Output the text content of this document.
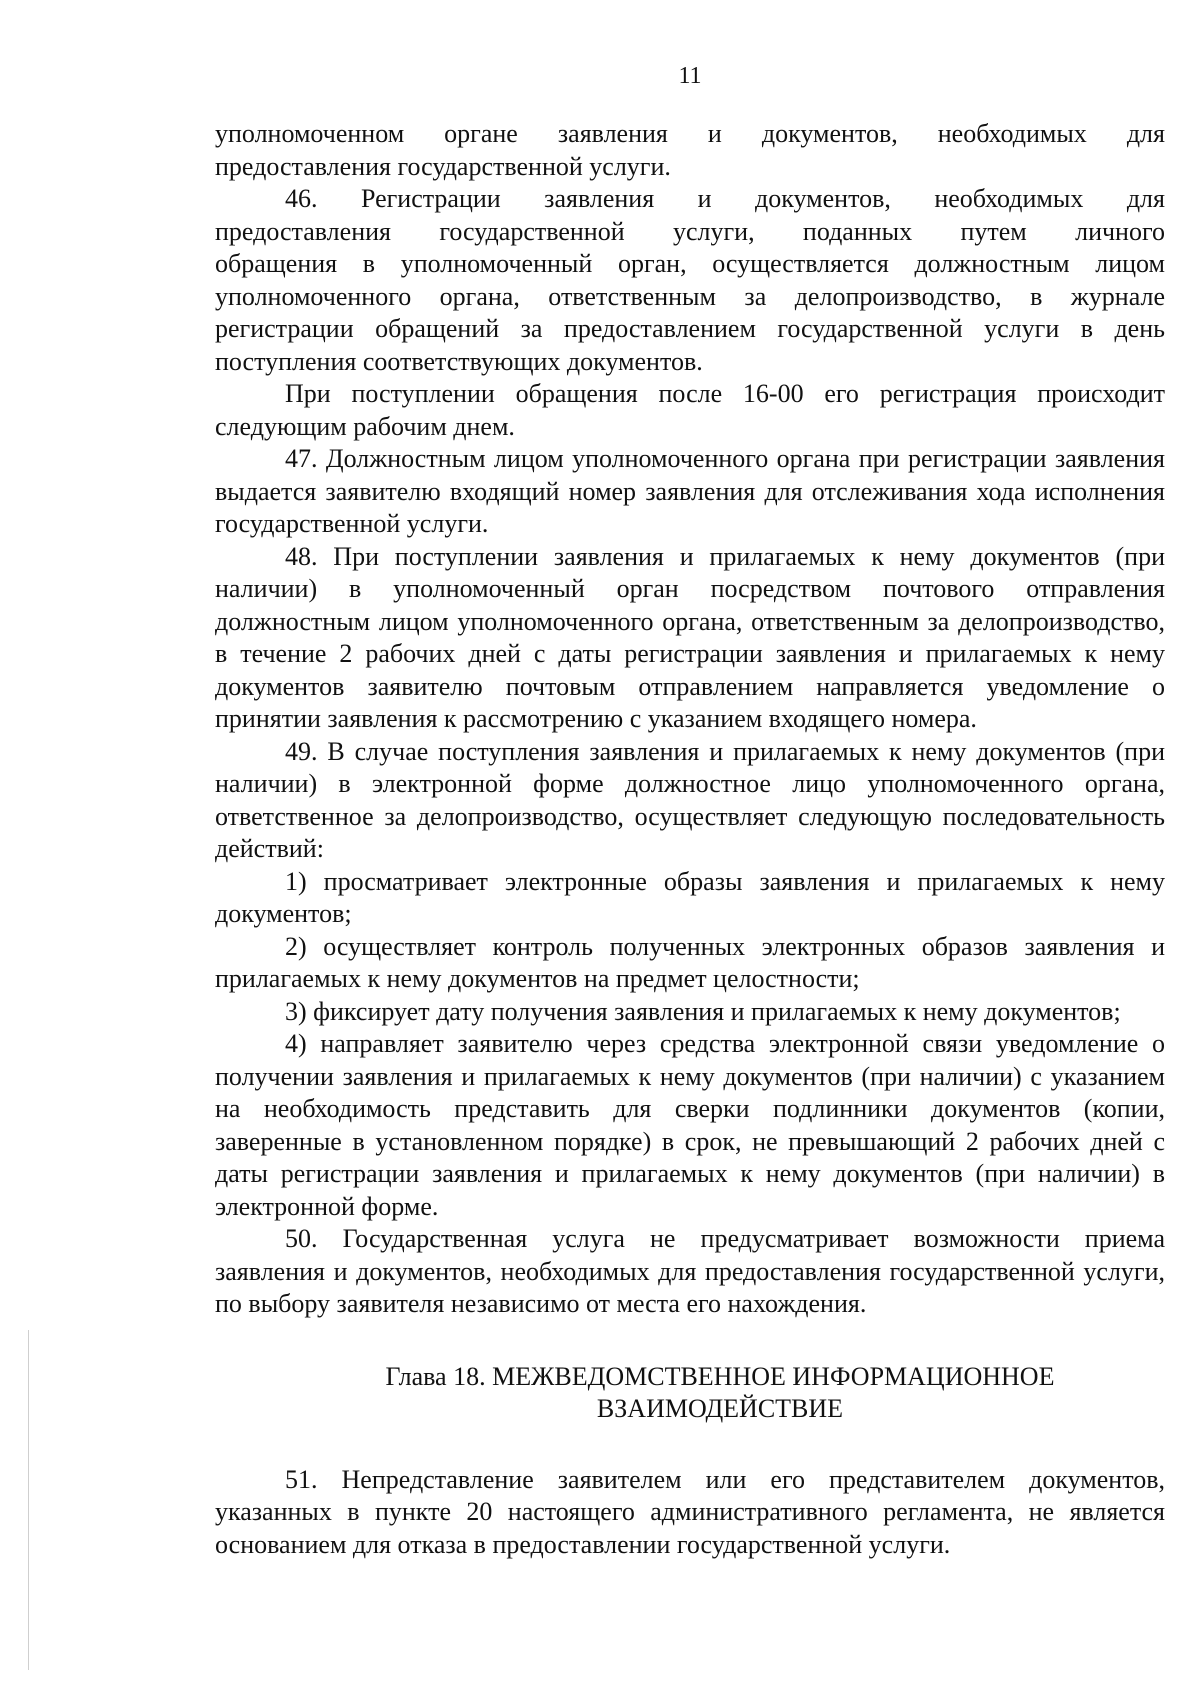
11
уполномоченном органе заявления и документов, необходимых для
предоставления государственной услуги.
46. Регистрации заявления и документов, необходимых для
предоставления государственной услуги, поданных путем личного
обращения в уполномоченный орган, осуществляется должностным лицом уполномоченного органа, ответственным за делопроизводство, в журнале регистрации обращений за предоставлением государственной услуги в день поступления соответствующих документов.

При поступлении обращения после 16-00 его регистрация происходит следующим рабочим днем.

47. Должностным лицом уполномоченного органа при регистрации заявления выдается заявителю входящий номер заявления для отслеживания хода исполнения государственной услуги.

48. При поступлении заявления и прилагаемых к нему документов (при наличии) в уполномоченный орган посредством почтового отправления должностным лицом уполномоченного органа, ответственным за делопроизводство, в течение 2 рабочих дней с даты регистрации заявления и прилагаемых к нему документов заявителю почтовым отправлением направляется уведомление о принятии заявления к рассмотрению с указанием входящего номера.

49. В случае поступления заявления и прилагаемых к нему документов (при наличии) в электронной форме должностное лицо уполномоченного органа, ответственное за делопроизводство, осуществляет следующую последовательность действий:

1) просматривает электронные образы заявления и прилагаемых к нему документов;

2) осуществляет контроль полученных электронных образов заявления и прилагаемых к нему документов на предмет целостности;

3) фиксирует дату получения заявления и прилагаемых к нему документов;

4) направляет заявителю через средства электронной связи уведомление о получении заявления и прилагаемых к нему документов (при наличии) с указанием на необходимость представить для сверки подлинники документов (копии, заверенные в установленном порядке) в срок, не превышающий 2 рабочих дней с даты регистрации заявления и прилагаемых к нему документов (при наличии) в электронной форме.

50. Государственная услуга не предусматривает возможности приема заявления и документов, необходимых для предоставления государственной услуги, по выбору заявителя независимо от места его нахождения.

Глава 18. МЕЖВЕДОМСТВЕННОЕ ИНФОРМАЦИОННОЕ
ВЗАИМОДЕЙСТВИЕ

51. Непредставление заявителем или его представителем документов, указанных в пункте 20 настоящего административного регламента, не является основанием для отказа в предоставлении государственной услуги.
